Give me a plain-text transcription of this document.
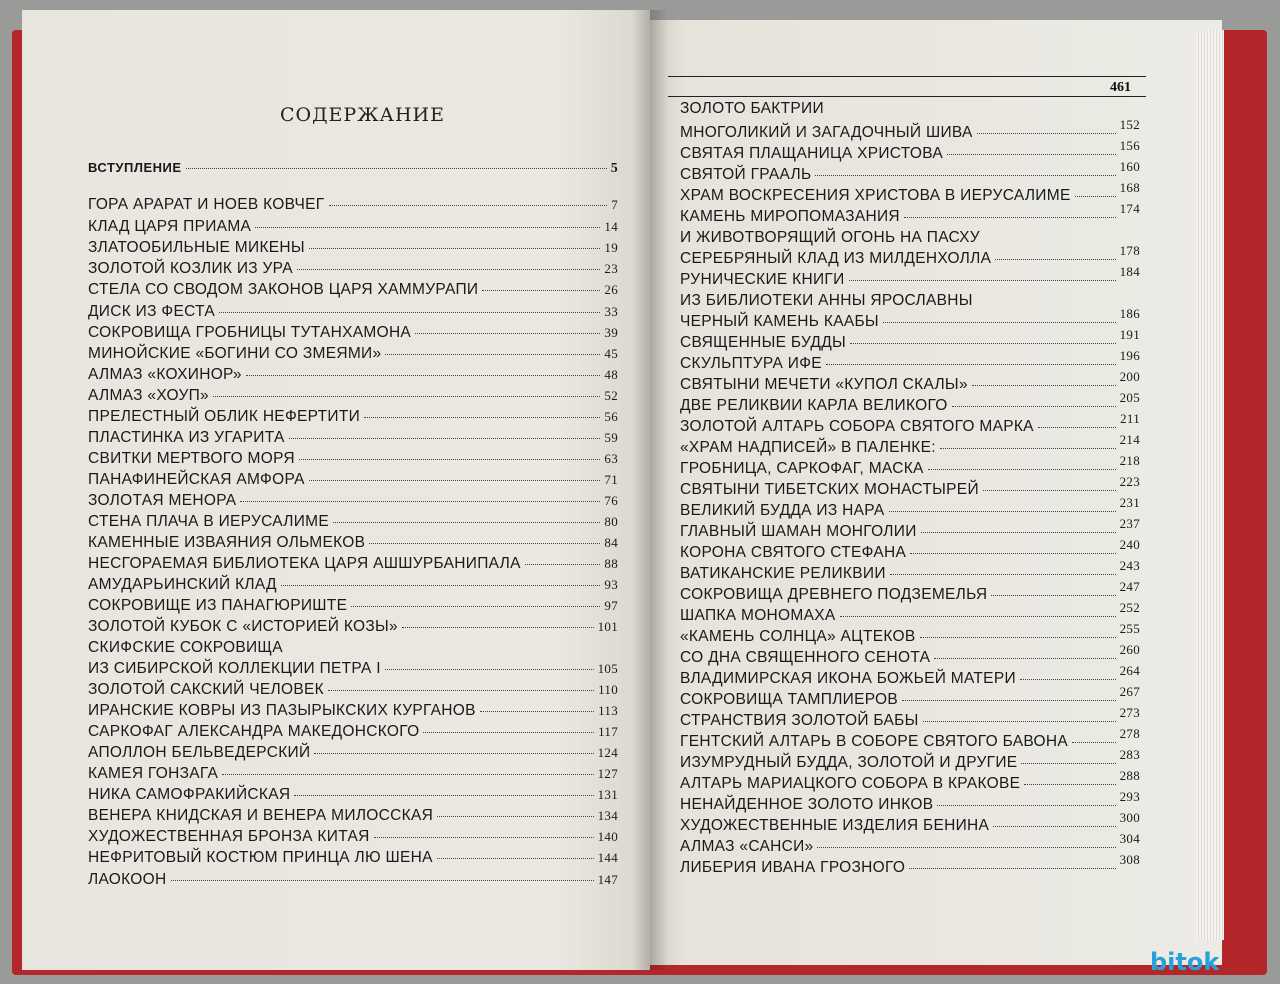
СОДЕРЖАНИЕ
ВСТУПЛЕНИЕ	5
ГОРА АРАРАТ И НОЕВ КОВЧЕГ	7
КЛАД ЦАРЯ ПРИАМА	14
ЗЛАТООБИЛЬНЫЕ МИКЕНЫ	19
ЗОЛОТОЙ КОЗЛИК ИЗ УРА	23
СТЕЛА СО СВОДОМ ЗАКОНОВ ЦАРЯ ХАММУРАПИ	26
ДИСК ИЗ ФЕСТА	33
СОКРОВИЩА ГРОБНИЦЫ ТУТАНХАМОНА	39
МИНОЙСКИЕ «БОГИНИ СО ЗМЕЯМИ»	45
АЛМАЗ «КОХИНОР»	48
АЛМАЗ «ХОУП»	52
ПРЕЛЕСТНЫЙ ОБЛИК НЕФЕРТИТИ	56
ПЛАСТИНКА ИЗ УГАРИТА	59
СВИТКИ МЕРТВОГО МОРЯ	63
ПАНАФИНЕЙСКАЯ АМФОРА	71
ЗОЛОТАЯ МЕНОРА	76
СТЕНА ПЛАЧА В ИЕРУСАЛИМЕ	80
КАМЕННЫЕ ИЗВАЯНИЯ ОЛЬМЕКОВ	84
НЕСГОРАЕМАЯ БИБЛИОТЕКА ЦАРЯ АШШУРБАНИПАЛА	88
АМУДАРЬИНСКИЙ КЛАД	93
СОКРОВИЩЕ ИЗ ПАНАГЮРИШТЕ	97
ЗОЛОТОЙ КУБОК С «ИСТОРИЕЙ КОЗЫ»	101
СКИФСКИЕ СОКРОВИЩА
ИЗ СИБИРСКОЙ КОЛЛЕКЦИИ ПЕТРА I	105
ЗОЛОТОЙ САКСКИЙ ЧЕЛОВЕК	110
ИРАНСКИЕ КОВРЫ ИЗ ПАЗЫРЫКСКИХ КУРГАНОВ	113
САРКОФАГ АЛЕКСАНДРА МАКЕДОНСКОГО	117
АПОЛЛОН БЕЛЬВЕДЕРСКИЙ	124
КАМЕЯ ГОНЗАГА	127
НИКА САМОФРАКИЙСКАЯ	131
ВЕНЕРА КНИДСКАЯ И ВЕНЕРА МИЛОССКАЯ	134
ХУДОЖЕСТВЕННАЯ БРОНЗА КИТАЯ	140
НЕФРИТОВЫЙ КОСТЮМ ПРИНЦА ЛЮ ШЕНА	144
ЛАОКООН	147
461
ЗОЛОТО БАКТРИИ
МНОГОЛИКИЙ И ЗАГАДОЧНЫЙ ШИВА	152
СВЯТАЯ ПЛАЩАНИЦА ХРИСТОВА	156
СВЯТОЙ ГРААЛЬ	160
ХРАМ ВОСКРЕСЕНИЯ ХРИСТОВА В ИЕРУСАЛИМЕ	168
КАМЕНЬ МИРОПОМАЗАНИЯ	174
И ЖИВОТВОРЯЩИЙ ОГОНЬ НА ПАСХУ
СЕРЕБРЯНЫЙ КЛАД ИЗ МИЛДЕНХОЛЛА	178
РУНИЧЕСКИЕ КНИГИ	184
ИЗ БИБЛИОТЕКИ АННЫ ЯРОСЛАВНЫ
ЧЕРНЫЙ КАМЕНЬ КААБЫ	186
СВЯЩЕННЫЕ БУДДЫ	191
СКУЛЬПТУРА ИФЕ	196
СВЯТЫНИ МЕЧЕТИ «КУПОЛ СКАЛЫ»	200
ДВЕ РЕЛИКВИИ КАРЛА ВЕЛИКОГО	205
ЗОЛОТОЙ АЛТАРЬ СОБОРА СВЯТОГО МАРКА	211
«ХРАМ НАДПИСЕЙ» В ПАЛЕНКЕ:	214
ГРОБНИЦА, САРКОФАГ, МАСКА	218
СВЯТЫНИ ТИБЕТСКИХ МОНАСТЫРЕЙ	223
ВЕЛИКИЙ БУДДА ИЗ НАРА	231
ГЛАВНЫЙ ШАМАН МОНГОЛИИ	237
КОРОНА СВЯТОГО СТЕФАНА	240
ВАТИКАНСКИЕ РЕЛИКВИИ	243
СОКРОВИЩА ДРЕВНЕГО ПОДЗЕМЕЛЬЯ	247
ШАПКА МОНОМАХА	252
«КАМЕНЬ СОЛНЦА» АЦТЕКОВ	255
СО ДНА СВЯЩЕННОГО СЕНОТА	260
ВЛАДИМИРСКАЯ ИКОНА БОЖЬЕЙ МАТЕРИ	264
СОКРОВИЩА ТАМПЛИЕРОВ	267
СТРАНСТВИЯ ЗОЛОТОЙ БАБЫ	273
ГЕНТСКИЙ АЛТАРЬ В СОБОРЕ СВЯТОГО БАВОНА	278
ИЗУМРУДНЫЙ БУДДА, ЗОЛОТОЙ И ДРУГИЕ	283
АЛТАРЬ МАРИАЦКОГО СОБОРА В КРАКОВЕ	288
НЕНАЙДЕННОЕ ЗОЛОТО ИНКОВ	293
ХУДОЖЕСТВЕННЫЕ ИЗДЕЛИЯ БЕНИНА	300
АЛМАЗ «САНСИ»	304
ЛИБЕРИЯ ИВАНА ГРОЗНОГО	308
bitok
